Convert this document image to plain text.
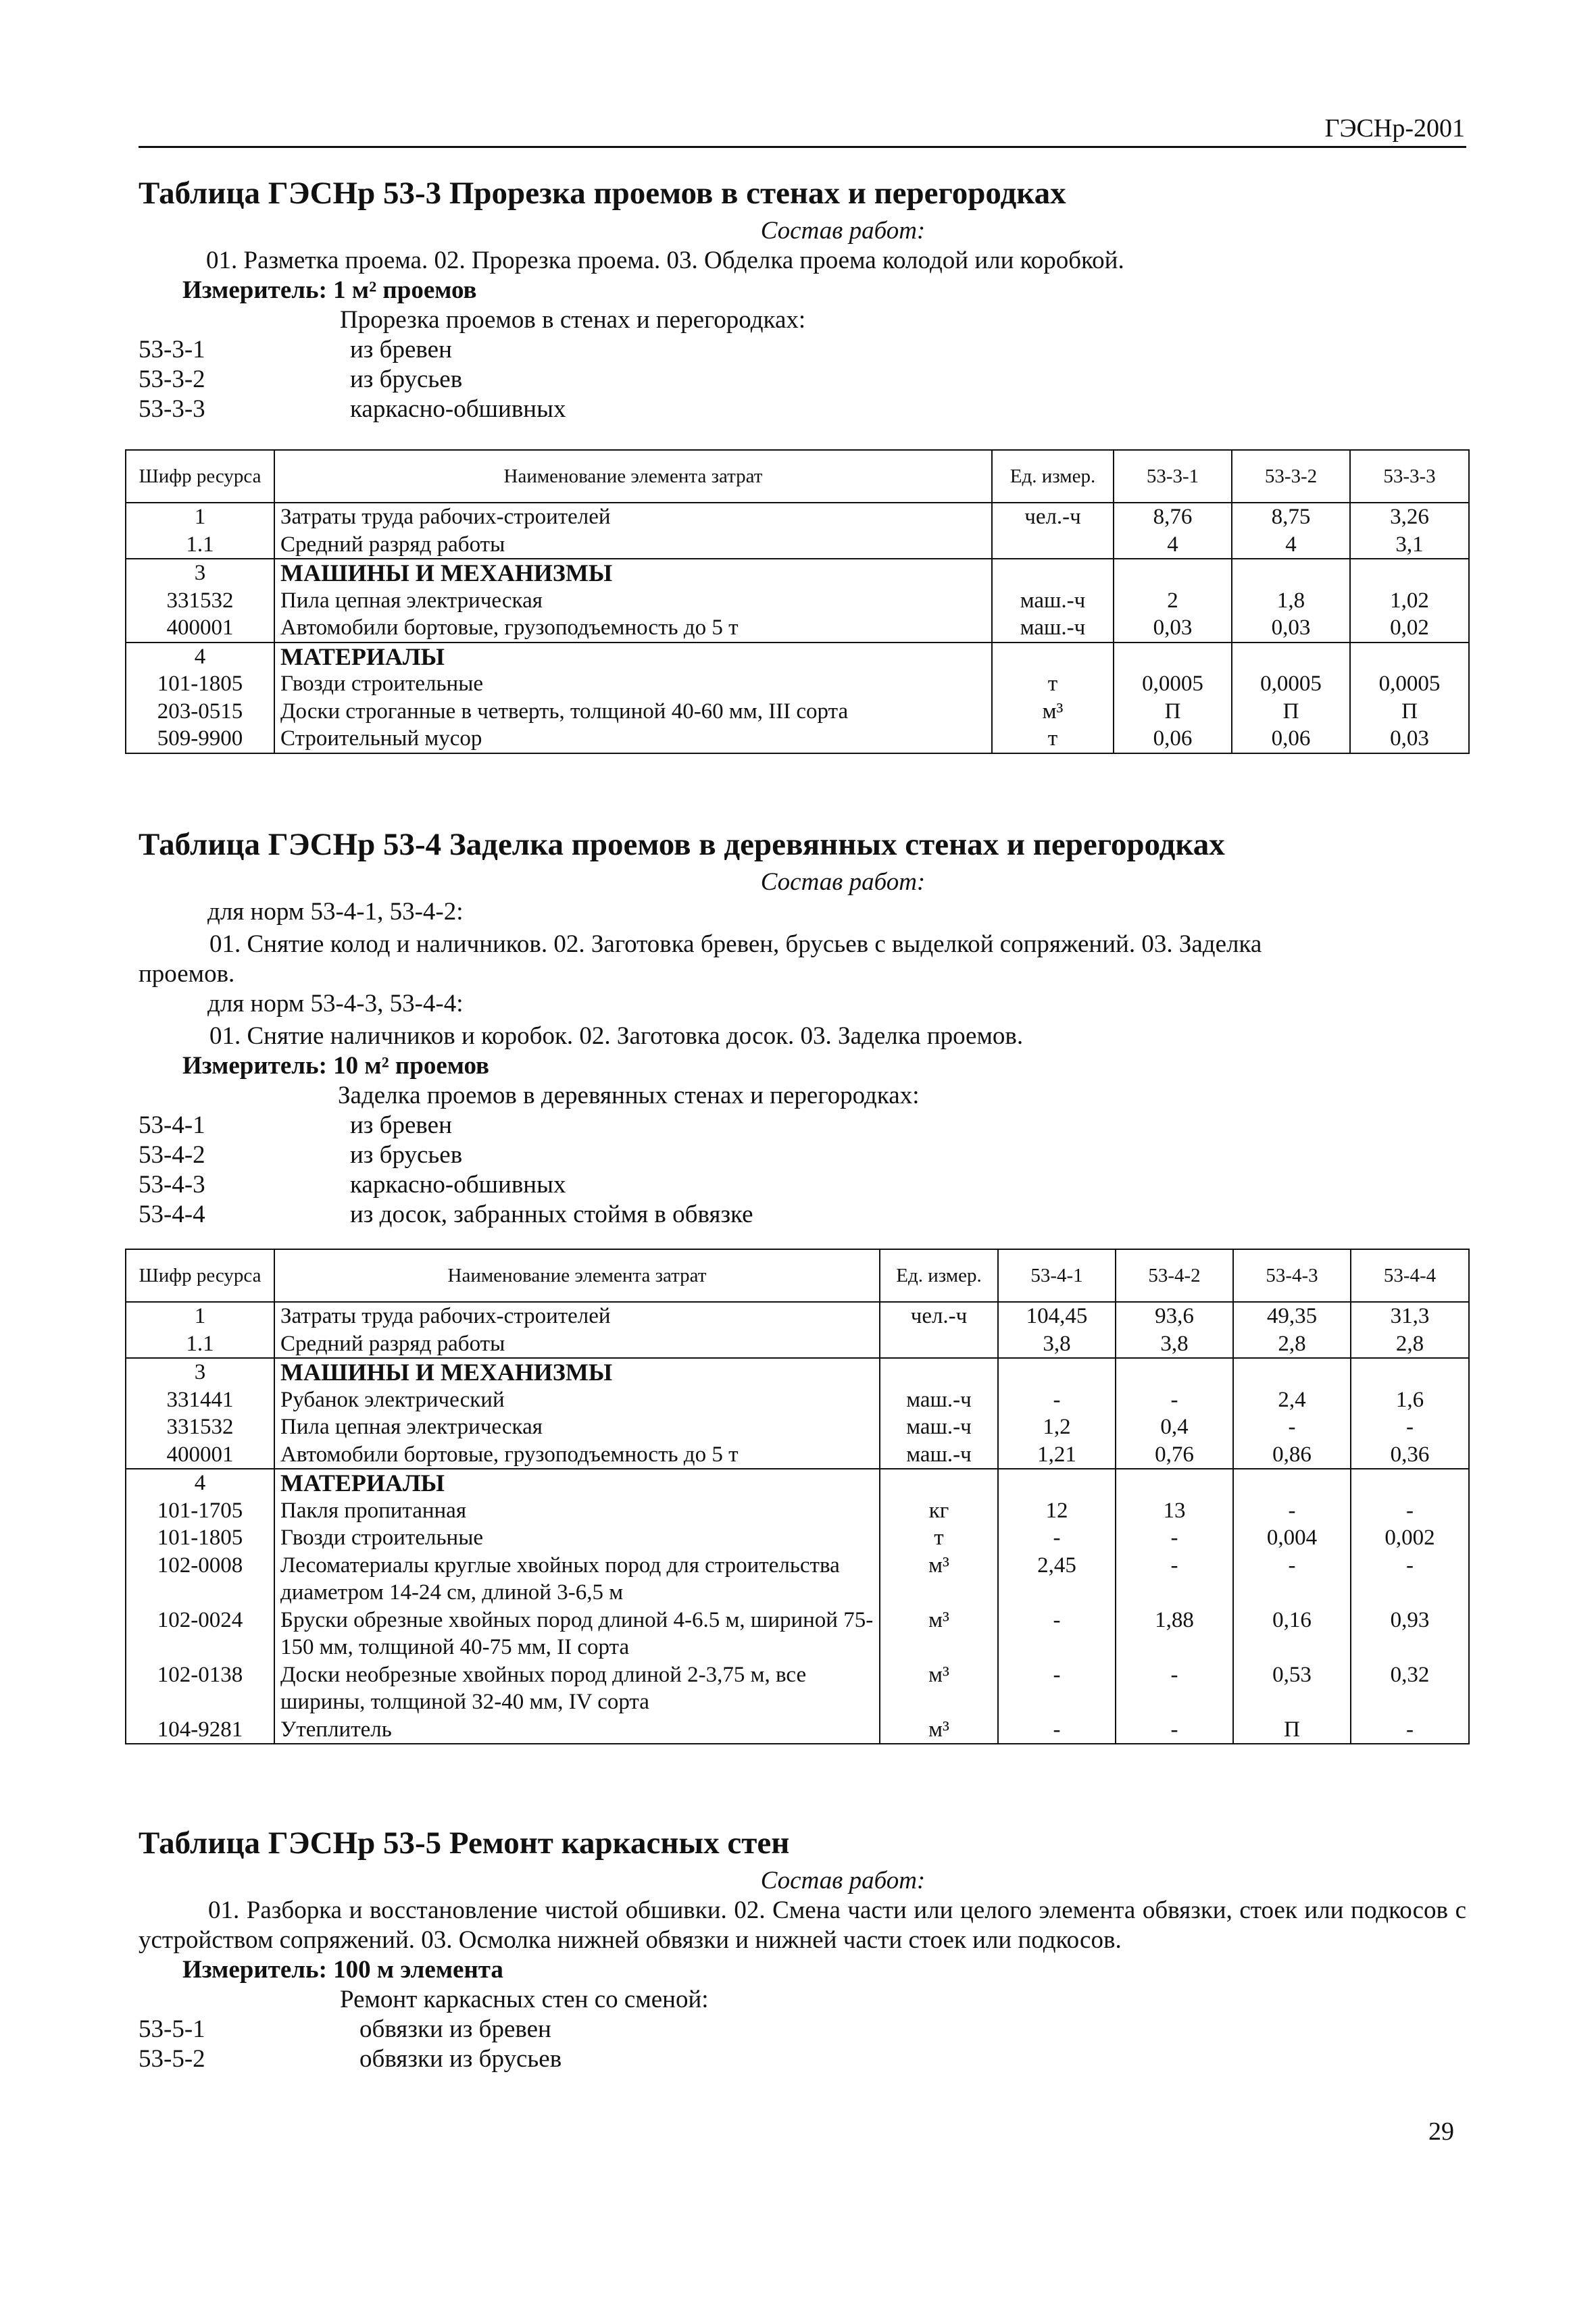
ГЭСНр-2001

Таблица ГЭСНр 53-3 Прорезка проемов в стенах и перегородках

Состав работ:
01. Разметка проема. 02. Прорезка проема. 03. Обделка проема колодой или коробкой.
Измеритель: 1 м² проемов
Прорезка проемов в стенах и перегородках:
53-3-1	из бревен
53-3-2	из брусьев
53-3-3	каркасно-обшивных
Шифр ресурса	Наименование элемента затрат	Ед. измер.	53-3-1	53-3-2	53-3-3
1	Затраты труда рабочих-строителей	чел.-ч	8,76	8,75	3,26
1.1	Средний разряд работы		4	4	3,1
3	МАШИНЫ И МЕХАНИЗМЫ				
331532	Пила цепная электрическая	маш.-ч	2	1,8	1,02
400001	Автомобили бортовые, грузоподъемность до 5 т	маш.-ч	0,03	0,03	0,02
4	МАТЕРИАЛЫ				
101-1805	Гвозди строительные	т	0,0005	0,0005	0,0005
203-0515	Доски строганные в четверть, толщиной 40-60 мм, III сорта	м³	П	П	П
509-9900	Строительный мусор	т	0,06	0,06	0,03

Таблица ГЭСНр 53-4 Заделка проемов в деревянных стенах и перегородках

Состав работ:
для норм 53-4-1, 53-4-2:
01. Снятие колод и наличников. 02. Заготовка бревен, брусьев с выделкой сопряжений. 03. Заделка
проемов.
для норм 53-4-3, 53-4-4:
01. Снятие наличников и коробок. 02. Заготовка досок. 03. Заделка проемов.
Измеритель: 10 м² проемов
Заделка проемов в деревянных стенах и перегородках:
53-4-1	из бревен
53-4-2	из брусьев
53-4-3	каркасно-обшивных
53-4-4	из досок, забранных стоймя в обвязке
Шифр ресурса	Наименование элемента затрат	Ед. измер.	53-4-1	53-4-2	53-4-3	53-4-4
1	Затраты труда рабочих-строителей	чел.-ч	104,45	93,6	49,35	31,3
1.1	Средний разряд работы		3,8	3,8	2,8	2,8
3	МАШИНЫ И МЕХАНИЗМЫ					
331441	Рубанок электрический	маш.-ч	-	-	2,4	1,6
331532	Пила цепная электрическая	маш.-ч	1,2	0,4	-	-
400001	Автомобили бортовые, грузоподъемность до 5 т	маш.-ч	1,21	0,76	0,86	0,36
4	МАТЕРИАЛЫ					
101-1705	Пакля пропитанная	кг	12	13	-	-
101-1805	Гвозди строительные	т	-	-	0,004	0,002
102-0008	Лесоматериалы круглые хвойных пород для строительства диаметром 14-24 см, длиной 3-6,5 м	м³	2,45	-	-	-
102-0024	Бруски обрезные хвойных пород длиной 4-6.5 м, шириной 75-150 мм, толщиной 40-75 мм, II сорта	м³	-	1,88	0,16	0,93
102-0138	Доски необрезные хвойных пород длиной 2-3,75 м, все ширины, толщиной 32-40 мм, IV сорта	м³	-	-	0,53	0,32
104-9281	Утеплитель	м³	-	-	П	-

Таблица ГЭСНр 53-5 Ремонт каркасных стен

Состав работ:
01. Разборка и восстановление чистой обшивки. 02. Смена части или целого элемента обвязки, стоек или подкосов с устройством сопряжений. 03. Осмолка нижней обвязки и нижней части стоек или подкосов.
Измеритель: 100 м элемента
Ремонт каркасных стен со сменой:
53-5-1	обвязки из бревен
53-5-2	обвязки из брусьев
29
